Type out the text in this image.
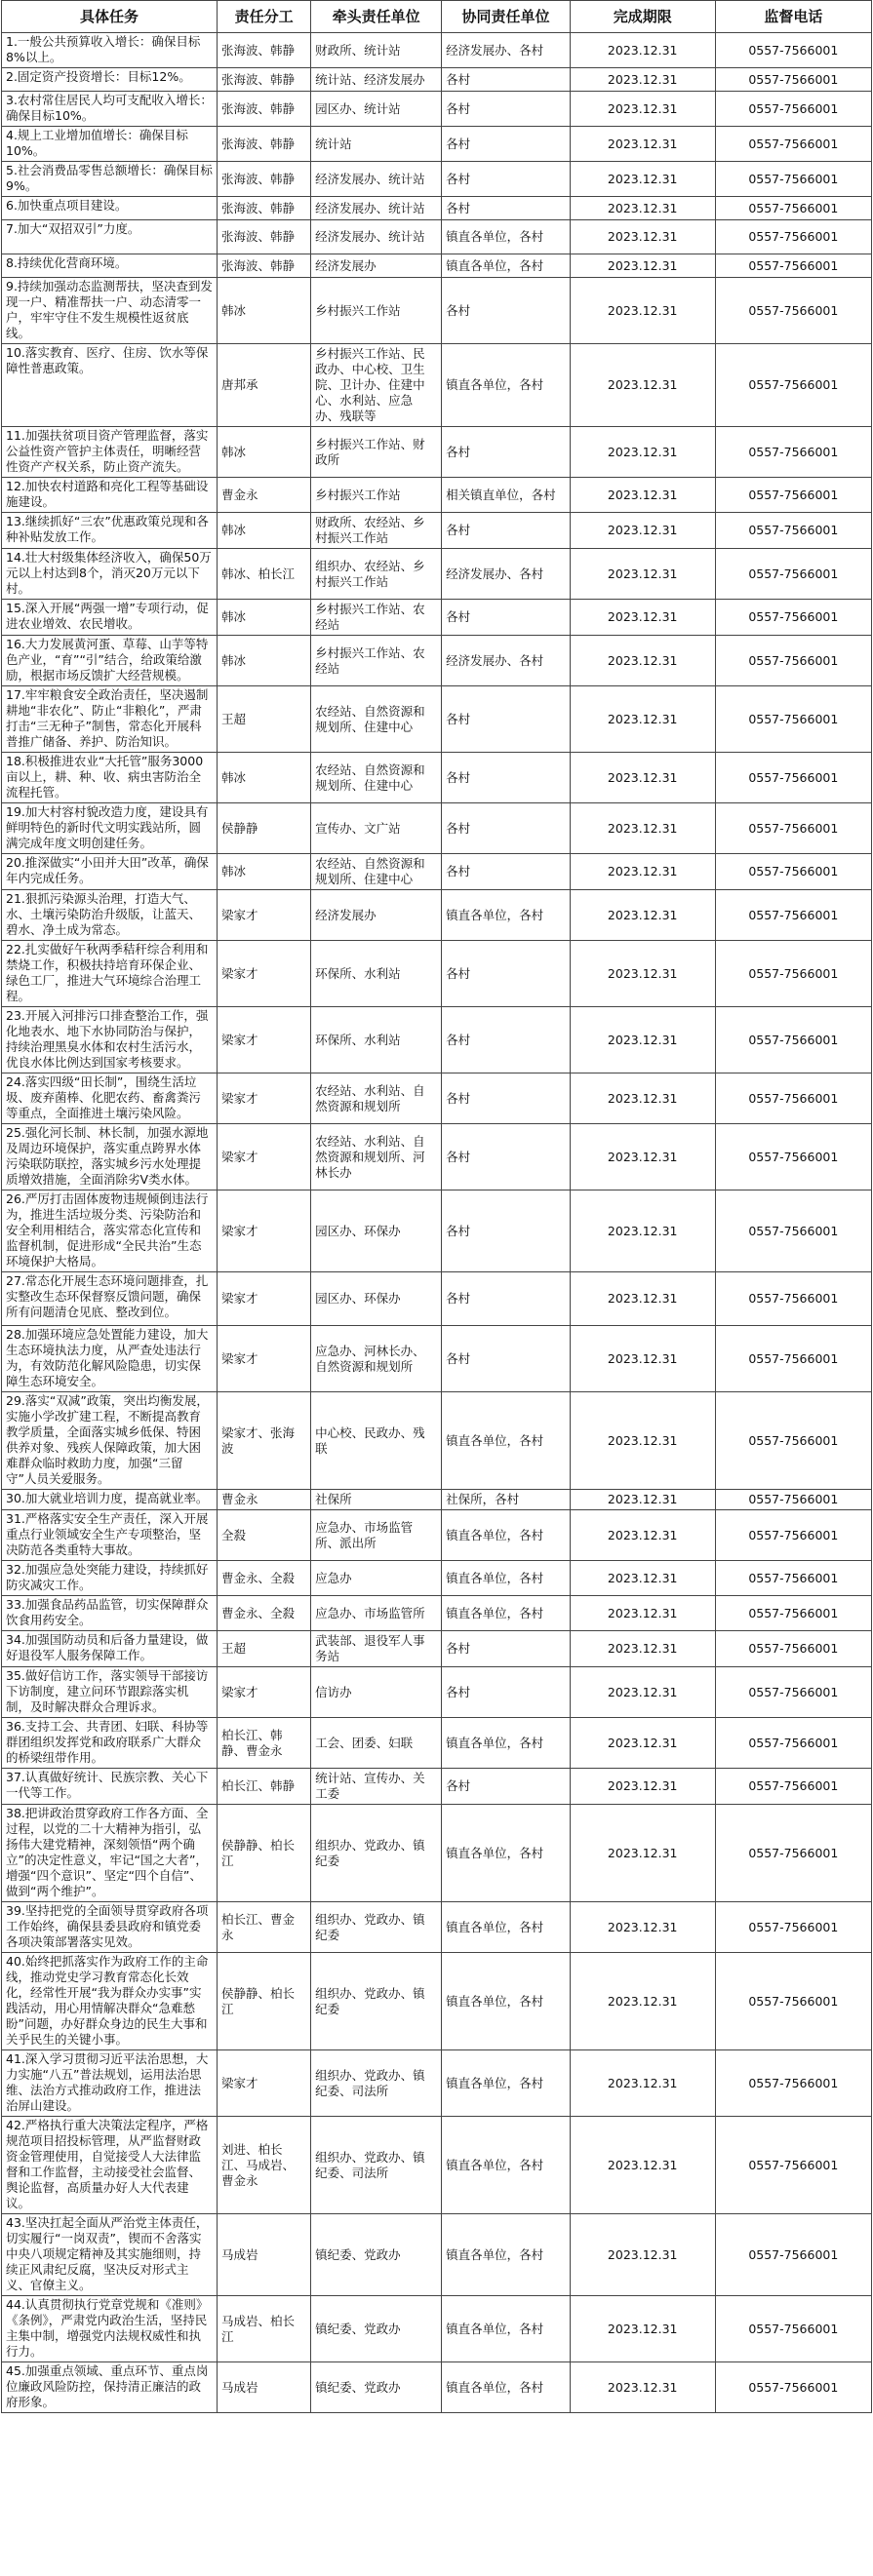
具体任务	责任分工	牵头责任单位	协同责任单位	完成期限	监督电话
1.一般公共预算收入增长：确保目标8%以上。	张海波、韩静	财政所、统计站	经济发展办、各村	2023.12.31	0557-7566001
2.固定资产投资增长：目标12%。	张海波、韩静	统计站、经济发展办	各村	2023.12.31	0557-7566001
3.农村常住居民人均可支配收入增长：确保目标10%。	张海波、韩静	园区办、统计站	各村	2023.12.31	0557-7566001
4.规上工业增加值增长：确保目标10%。	张海波、韩静	统计站	各村	2023.12.31	0557-7566001
5.社会消费品零售总额增长：确保目标9%。	张海波、韩静	经济发展办、统计站	各村	2023.12.31	0557-7566001
6.加快重点项目建设。	张海波、韩静	经济发展办、统计站	各村	2023.12.31	0557-7566001
7.加大“双招双引”力度。	张海波、韩静	经济发展办、统计站	镇直各单位，各村	2023.12.31	0557-7566001
8.持续优化营商环境。	张海波、韩静	经济发展办	镇直各单位，各村	2023.12.31	0557-7566001
9.持续加强动态监测帮扶，坚决查到发现一户、精准帮扶一户、动态清零一户，牢牢守住不发生规模性返贫底线。	韩冰	乡村振兴工作站	各村	2023.12.31	0557-7566001
10.落实教育、医疗、住房、饮水等保障性普惠政策。	唐邦承	乡村振兴工作站、民政办、中心校、卫生院、卫计办、住建中心、水利站、应急办、残联等	镇直各单位，各村	2023.12.31	0557-7566001
11.加强扶贫项目资产管理监督，落实公益性资产管护主体责任，明晰经营性资产产权关系，防止资产流失。	韩冰	乡村振兴工作站、财政所	各村	2023.12.31	0557-7566001
12.加快农村道路和亮化工程等基础设施建设。	曹金永	乡村振兴工作站	相关镇直单位，各村	2023.12.31	0557-7566001
13.继续抓好“三农”优惠政策兑现和各种补贴发放工作。	韩冰	财政所、农经站、乡村振兴工作站	各村	2023.12.31	0557-7566001
14.壮大村级集体经济收入，确保50万元以上村达到8个，消灭20万元以下村。	韩冰、柏长江	组织办、农经站、乡村振兴工作站	经济发展办、各村	2023.12.31	0557-7566001
15.深入开展“两强一增”专项行动，促进农业增效、农民增收。	韩冰	乡村振兴工作站、农经站	各村	2023.12.31	0557-7566001
16.大力发展黄河蛋、草莓、山芋等特色产业，“育”“引”结合，给政策给激励，根据市场反馈扩大经营规模。	韩冰	乡村振兴工作站、农经站	经济发展办、各村	2023.12.31	0557-7566001
17.牢牢粮食安全政治责任，坚决遏制耕地“非农化”、防止“非粮化”，严肃打击“三无种子”制售，常态化开展科普推广储备、养护、防治知识。	王超	农经站、自然资源和规划所、住建中心	各村	2023.12.31	0557-7566001
18.积极推进农业“大托管”服务3000亩以上，耕、种、收、病虫害防治全流程托管。	韩冰	农经站、自然资源和规划所、住建中心	各村	2023.12.31	0557-7566001
19.加大村容村貌改造力度，建设具有鲜明特色的新时代文明实践站所，圆满完成年度文明创建任务。	侯静静	宣传办、文广站	各村	2023.12.31	0557-7566001
20.推深做实“小田并大田”改革，确保年内完成任务。	韩冰	农经站、自然资源和规划所、住建中心	各村	2023.12.31	0557-7566001
21.狠抓污染源头治理，打造大气、水、土壤污染防治升级版，让蓝天、碧水、净土成为常态。	梁家才	经济发展办	镇直各单位，各村	2023.12.31	0557-7566001
22.扎实做好午秋两季秸秆综合利用和禁烧工作，积极扶持培育环保企业、绿色工厂，推进大气环境综合治理工程。	梁家才	环保所、水利站	各村	2023.12.31	0557-7566001
23.开展入河排污口排查整治工作，强化地表水、地下水协同防治与保护，持续治理黑臭水体和农村生活污水，优良水体比例达到国家考核要求。	梁家才	环保所、水利站	各村	2023.12.31	0557-7566001
24.落实四级“田长制”，围绕生活垃圾、废弃菌棒、化肥农药、畜禽粪污等重点，全面推进土壤污染风险。	梁家才	农经站、水利站、自然资源和规划所	各村	2023.12.31	0557-7566001
25.强化河长制、林长制，加强水源地及周边环境保护，落实重点跨界水体污染联防联控，落实城乡污水处理提质增效措施，全面消除劣V类水体。	梁家才	农经站、水利站、自然资源和规划所、河林长办	各村	2023.12.31	0557-7566001
26.严厉打击固体废物违规倾倒违法行为，推进生活垃圾分类、污染防治和安全利用相结合，落实常态化宣传和监督机制，促进形成“全民共治”生态环境保护大格局。	梁家才	园区办、环保办	各村	2023.12.31	0557-7566001
27.常态化开展生态环境问题排查，扎实整改生态环保督察反馈问题，确保所有问题清仓见底、整改到位。	梁家才	园区办、环保办	各村	2023.12.31	0557-7566001
28.加强环境应急处置能力建设，加大生态环境执法力度，从严查处违法行为，有效防范化解风险隐患，切实保障生态环境安全。	梁家才	应急办、河林长办、自然资源和规划所	各村	2023.12.31	0557-7566001
29.落实“双减”政策，突出均衡发展，实施小学改扩建工程，不断提高教育教学质量，全面落实城乡低保、特困供养对象、残疾人保障政策，加大困难群众临时救助力度，加强“三留守”人员关爱服务。	梁家才、张海波	中心校、民政办、残联	镇直各单位，各村	2023.12.31	0557-7566001
30.加大就业培训力度，提高就业率。	曹金永	社保所	社保所，各村	2023.12.31	0557-7566001
31.严格落实安全生产责任，深入开展重点行业领域安全生产专项整治，坚决防范各类重特大事故。	全殺	应急办、市场监管所、派出所	镇直各单位，各村	2023.12.31	0557-7566001
32.加强应急处突能力建设，持续抓好防灾减灾工作。	曹金永、全殺	应急办	镇直各单位，各村	2023.12.31	0557-7566001
33.加强食品药品监管，切实保障群众饮食用药安全。	曹金永、全殺	应急办、市场监管所	镇直各单位，各村	2023.12.31	0557-7566001
34.加强国防动员和后备力量建设，做好退役军人服务保障工作。	王超	武装部、退役军人事务站	各村	2023.12.31	0557-7566001
35.做好信访工作，落实领导干部接访下访制度，建立问环节跟踪落实机制，及时解决群众合理诉求。	梁家才	信访办	各村	2023.12.31	0557-7566001
36.支持工会、共青团、妇联、科协等群团组织发挥党和政府联系广大群众的桥梁纽带作用。	柏长江、韩静、曹金永	工会、团委、妇联	镇直各单位，各村	2023.12.31	0557-7566001
37.认真做好统计、民族宗教、关心下一代等工作。	柏长江、韩静	统计站、宣传办、关工委	各村	2023.12.31	0557-7566001
38.把讲政治贯穿政府工作各方面、全过程，以党的二十大精神为指引，弘扬伟大建党精神，深刻领悟“两个确立”的决定性意义，牢记“国之大者”，增强“四个意识”、坚定“四个自信”、做到“两个维护”。	侯静静、柏长江	组织办、党政办、镇纪委	镇直各单位，各村	2023.12.31	0557-7566001
39.坚持把党的全面领导贯穿政府各项工作始终，确保县委县政府和镇党委各项决策部署落实见效。	柏长江、曹金永	组织办、党政办、镇纪委	镇直各单位，各村	2023.12.31	0557-7566001
40.始终把抓落实作为政府工作的主命线，推动党史学习教育常态化长效化，经常性开展“我为群众办实事”实践活动，用心用情解决群众“急难愁盼”问题，办好群众身边的民生大事和关乎民生的关键小事。	侯静静、柏长江	组织办、党政办、镇纪委	镇直各单位，各村	2023.12.31	0557-7566001
41.深入学习贯彻习近平法治思想，大力实施“八五”普法规划，运用法治思维、法治方式推动政府工作，推进法治屏山建设。	梁家才	组织办、党政办、镇纪委、司法所	镇直各单位，各村	2023.12.31	0557-7566001
42.严格执行重大决策法定程序，严格规范项目招投标管理，从严监督财政资金管理使用，自觉接受人大法律监督和工作监督，主动接受社会监督、舆论监督，高质量办好人大代表建议。	刘进、柏长江、马成岩、曹金永	组织办、党政办、镇纪委、司法所	镇直各单位，各村	2023.12.31	0557-7566001
43.坚决扛起全面从严治党主体责任，切实履行“一岗双责”，锲而不舍落实中央八项规定精神及其实施细则，持续正风肃纪反腐，坚决反对形式主义、官僚主义。	马成岩	镇纪委、党政办	镇直各单位，各村	2023.12.31	0557-7566001
44.认真贯彻执行党章党规和《准则》《条例》，严肃党内政治生活，坚持民主集中制，增强党内法规权威性和执行力。	马成岩、柏长江	镇纪委、党政办	镇直各单位，各村	2023.12.31	0557-7566001
45.加强重点领域、重点环节、重点岗位廉政风险防控，保持清正廉洁的政府形象。	马成岩	镇纪委、党政办	镇直各单位，各村	2023.12.31	0557-7566001
